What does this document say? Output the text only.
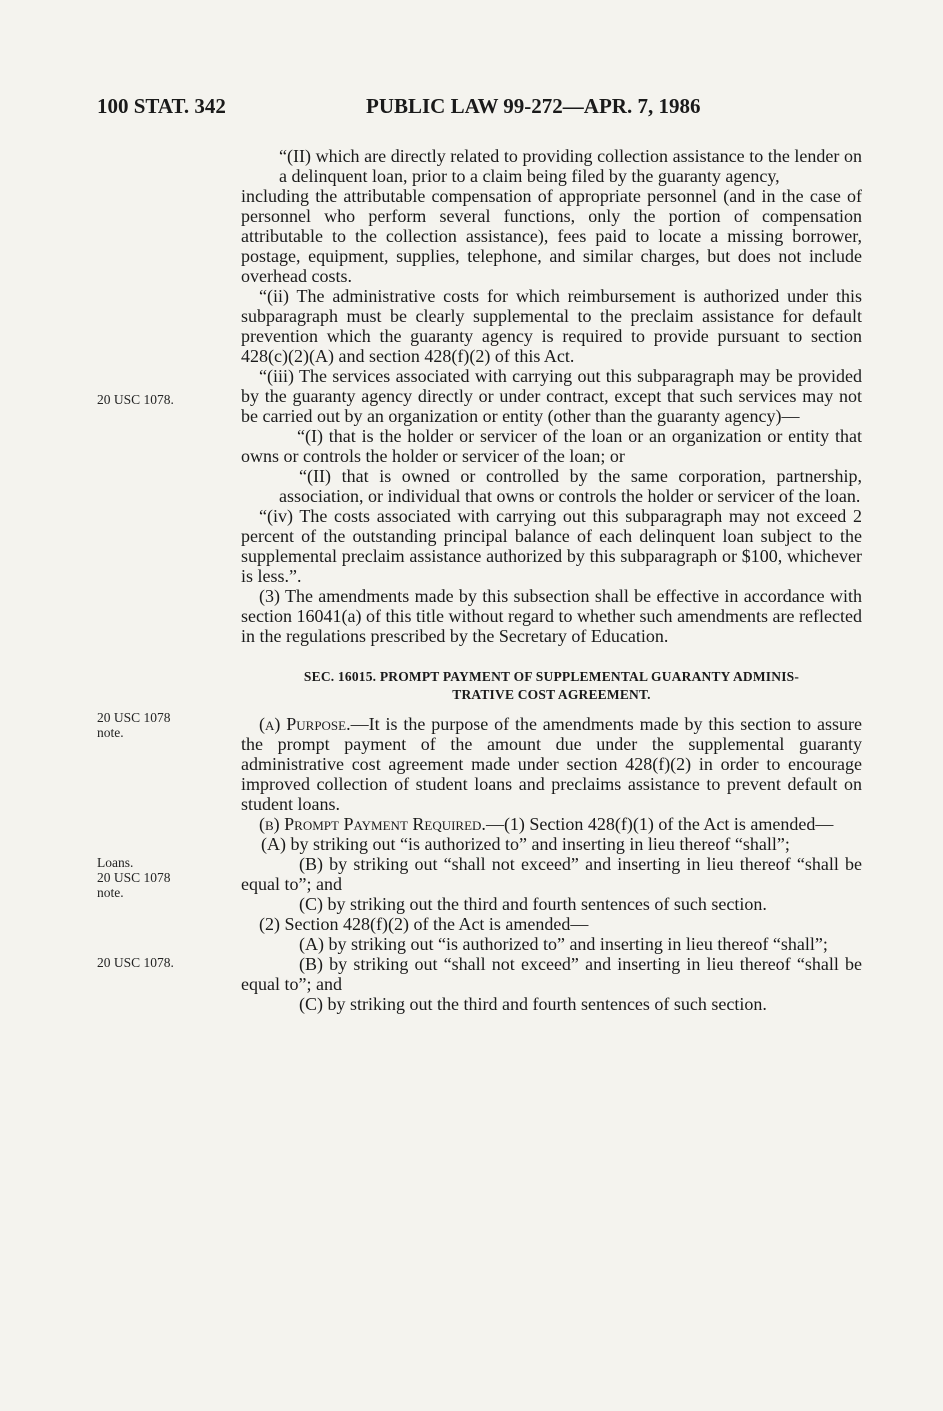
100 STAT. 342	PUBLIC LAW 99-272—APR. 7, 1986
20 USC 1078.
20 USC 1078
note.
Loans.
20 USC 1078
note.
20 USC 1078.

“(II) which are directly related to providing collection assistance to the lender on a delinquent loan, prior to a claim being filed by the guaranty agency,

including the attributable compensation of appropriate personnel (and in the case of personnel who perform several functions, only the portion of compensation attributable to the collection assistance), fees paid to locate a missing borrower, postage, equipment, supplies, telephone, and similar charges, but does not include overhead costs.

“(ii) The administrative costs for which reimbursement is authorized under this subparagraph must be clearly supplemental to the preclaim assistance for default prevention which the guaranty agency is required to provide pursuant to section 428(c)(2)(A) and section 428(f)(2) of this Act.

“(iii) The services associated with carrying out this subparagraph may be provided by the guaranty agency directly or under contract, except that such services may not be carried out by an organization or entity (other than the guaranty agency)—

“(I) that is the holder or servicer of the loan or an organization or entity that owns or controls the holder or servicer of the loan; or

“(II) that is owned or controlled by the same corporation, partnership, association, or individual that owns or controls the holder or servicer of the loan.

“(iv) The costs associated with carrying out this subparagraph may not exceed 2 percent of the outstanding principal balance of each delinquent loan subject to the supplemental preclaim assistance authorized by this subparagraph or $100, whichever is less.”.

(3) The amendments made by this subsection shall be effective in accordance with section 16041(a) of this title without regard to whether such amendments are reflected in the regulations prescribed by the Secretary of Education.

SEC. 16015. PROMPT PAYMENT OF SUPPLEMENTAL GUARANTY ADMINIS-

TRATIVE COST AGREEMENT.

(a) Purpose.—It is the purpose of the amendments made by this section to assure the prompt payment of the amount due under the supplemental guaranty administrative cost agreement made under section 428(f)(2) in order to encourage improved collection of student loans and preclaims assistance to prevent default on student loans.

(b) Prompt Payment Required.—(1) Section 428(f)(1) of the Act is amended—

(A) by striking out “is authorized to” and inserting in lieu thereof “shall”;

(B) by striking out “shall not exceed” and inserting in lieu thereof “shall be equal to”; and

(C) by striking out the third and fourth sentences of such section.

(2) Section 428(f)(2) of the Act is amended—

(A) by striking out “is authorized to” and inserting in lieu thereof “shall”;

(B) by striking out “shall not exceed” and inserting in lieu thereof “shall be equal to”; and

(C) by striking out the third and fourth sentences of such section.
